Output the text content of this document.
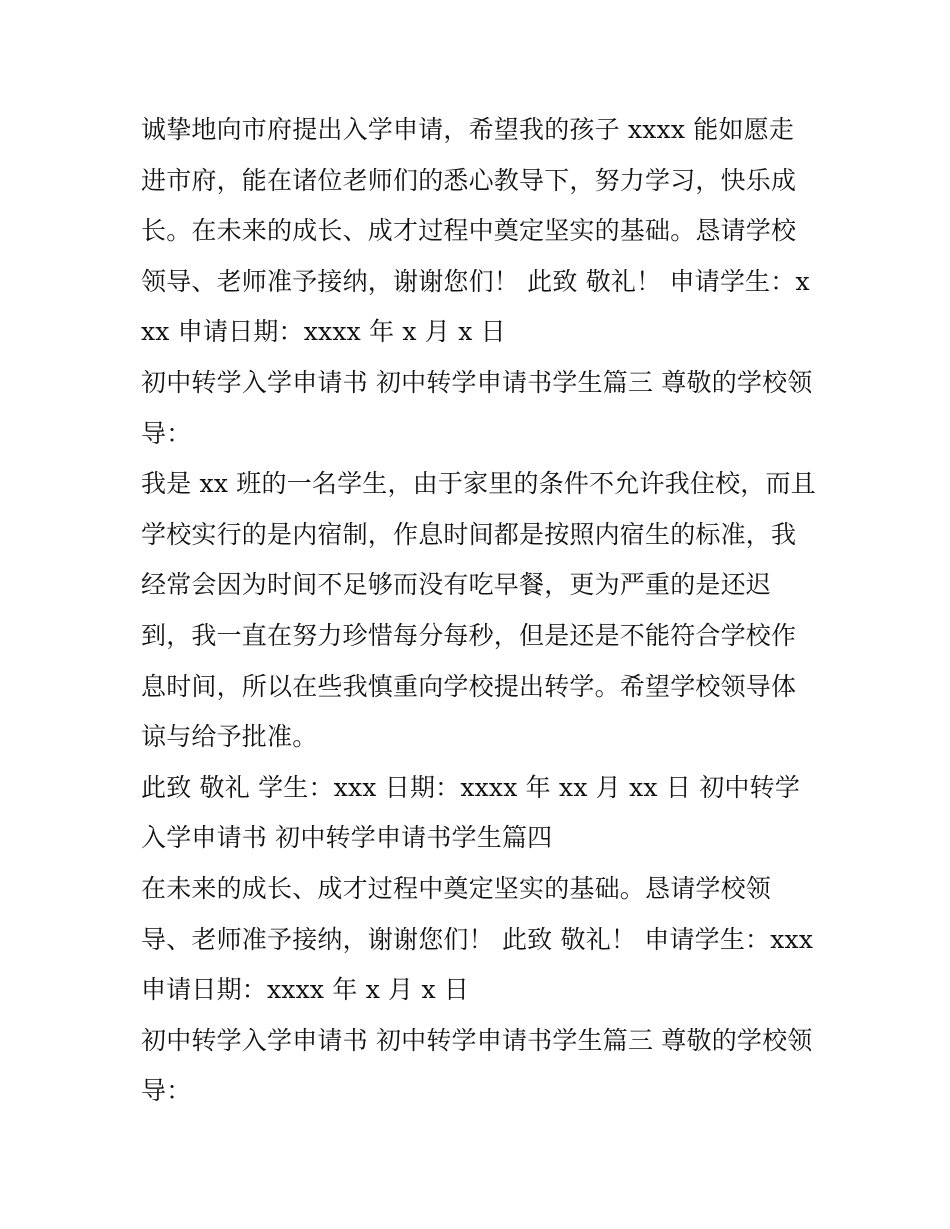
诚挚地向市府提出入学申请，希望我的孩子 xxxx 能如愿走进市府，能在诸位老师们的悉心教导下，努力学习，快乐成长。在未来的成长、成才过程中奠定坚实的基础。恳请学校领导、老师准予接纳，谢谢您们！ 此致 敬礼！ 申请学生：xxx 申请日期：xxxx 年 x 月 x 日

初中转学入学申请书 初中转学申请书学生篇三 尊敬的学校领导：

我是 xx 班的一名学生，由于家里的条件不允许我住校，而且学校实行的是内宿制，作息时间都是按照内宿生的标准，我经常会因为时间不足够而没有吃早餐，更为严重的是还迟到，我一直在努力珍惜每分每秒，但是还是不能符合学校作息时间，所以在些我慎重向学校提出转学。希望学校领导体谅与给予批准。

此致 敬礼 学生：xxx 日期：xxxx 年 xx 月 xx 日 初中转学入学申请书 初中转学申请书学生篇四

在未来的成长、成才过程中奠定坚实的基础。恳请学校领导、老师准予接纳，谢谢您们！ 此致 敬礼！ 申请学生：xxx 申请日期：xxxx 年 x 月 x 日

初中转学入学申请书 初中转学申请书学生篇三 尊敬的学校领导：
